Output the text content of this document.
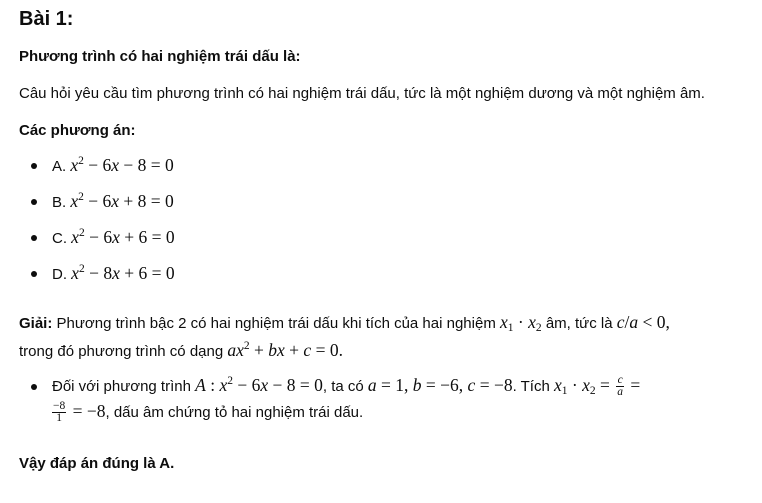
Bài 1:
Phương trình có hai nghiệm trái dấu là:
Câu hỏi yêu cầu tìm phương trình có hai nghiệm trái dấu, tức là một nghiệm dương và một nghiệm âm.
Các phương án:
A. $x^2 - 6x - 8 = 0$
B. $x^2 - 6x + 8 = 0$
C. $x^2 - 6x + 6 = 0$
D. $x^2 - 8x + 6 = 0$
Giải: Phương trình bậc 2 có hai nghiệm trái dấu khi tích của hai nghiệm $x_1 \cdot x_2$ âm, tức là c/a < 0,
trong đó phương trình có dạng $ax^2$ + bx + c = 0.
Đối với phương trình A : $x^2 - 6x - 8 = 0$, ta có a = 1, b = −6, c = −8. Tích $x_1 \cdot x_2 = \frac{c}{a}$ =
$\frac{-8}{1} = -8$, dấu âm chứng tỏ hai nghiệm trái dấu.
Vậy đáp án đúng là A.
